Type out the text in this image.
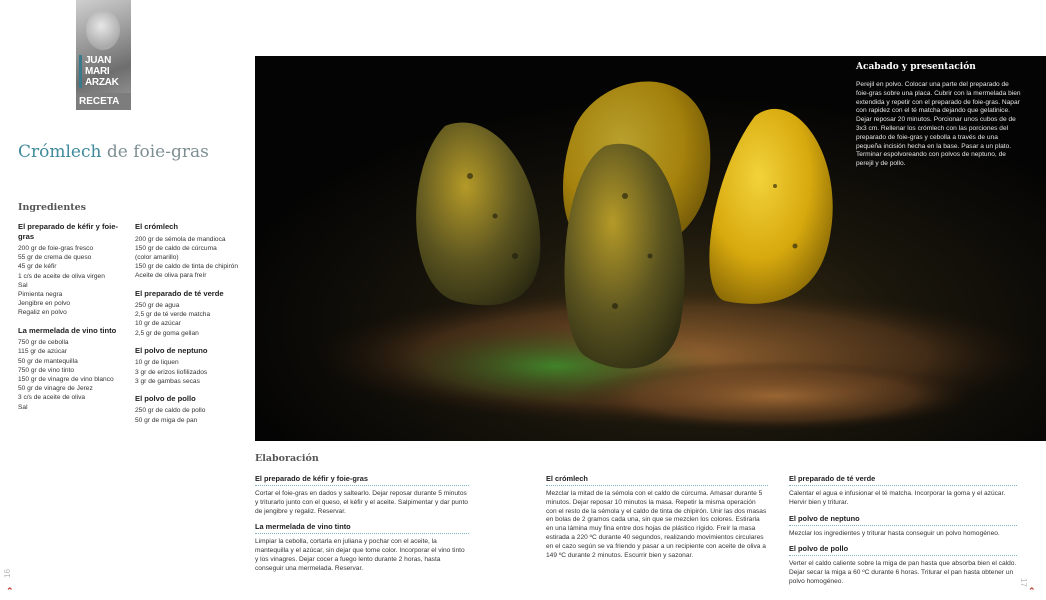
JUAN MARI ARZAK
RECETA
Crómlech de foie-gras
Ingredientes
El preparado de kéfir y foie-gras
200 gr de foie-gras fresco
55 gr de crema de queso
45 gr de kéfir
1 c/s de aceite de oliva virgen
Sal
Pimienta negra
Jengibre en polvo
Regaliz en polvo
La mermelada de vino tinto
750 gr de cebolla
115 gr de azúcar
50 gr de mantequilla
750 gr de vino tinto
150 gr de vinagre de vino blanco
50 gr de vinagre de Jerez
3 c/s de aceite de oliva
Sal
El crómlech
200 gr de sémola de mandioca
150 gr de caldo de cúrcuma
(color amarillo)
150 gr de caldo de tinta de chipirón
Aceite de oliva para freír
El preparado de té verde
250 gr de agua
2,5 gr de té verde matcha
10 gr de azúcar
2,5 gr de goma gellan
El polvo de neptuno
10 gr de liquen
3 gr de erizos liofilizados
3 gr de gambas secas
El polvo de pollo
250 gr de caldo de pollo
50 gr de miga de pan
Acabado y presentación
Perejil en polvo. Colocar una parte del preparado de foie-gras sobre una placa. Cubrir con la mermelada bien extendida y repetir con el preparado de foie-gras. Napar con rapidez con el té matcha dejando que gelatinice. Dejar reposar 20 minutos. Porcionar unos cubos de de 3x3 cm. Rellenar los crómlech con las porciones del preparado de foie-gras y cebolla a través de una pequeña incisión hecha en la base. Pasar a un plato. Terminar espolvoreando con polvos de neptuno, de perejil y de pollo.
Elaboración
El preparado de kéfir y foie-gras
Cortar el foie-gras en dados y saltearlo. Dejar reposar durante 5 minutos y triturarlo junto con el queso, el kéfir y el aceite. Salpimentar y dar punto de jengibre y regaliz. Reservar.
La mermelada de vino tinto
Limpiar la cebolla, cortarla en juliana y pochar con el aceite, la mantequilla y el azúcar, sin dejar que tome color. Incorporar el vino tinto y los vinagres. Dejar cocer a fuego lento durante 2 horas, hasta conseguir una mermelada. Reservar.
El crómlech
Mezclar la mitad de la sémola con el caldo de cúrcuma. Amasar durante 5 minutos. Dejar reposar 10 minutos la masa. Repetir la misma operación con el resto de la sémola y el caldo de tinta de chipirón. Unir las dos masas en bolas de 2 gramos cada una, sin que se mezclen los colores. Estirarla en una lámina muy fina entre dos hojas de plástico rígido. Freír la masa estirada a 220 ºC durante 40 segundos, realizando movimientos circulares en el cazo según se va friendo y pasar a un recipiente con aceite de oliva a 149 ºC durante 2 minutos. Escurrir bien y sazonar.
El preparado de té verde
Calentar el agua e infusionar el té matcha. Incorporar la goma y el azúcar. Hervir bien y triturar.
El polvo de neptuno
Mezclar los ingredientes y triturar hasta conseguir un polvo homogéneo.
El polvo de pollo
Verter el caldo caliente sobre la miga de pan hasta que absorba bien el caldo. Dejar secar la miga a 60 ºC durante 6 horas. Triturar el pan hasta obtener un polvo homogéneo.
16
⌃
17
⌃
